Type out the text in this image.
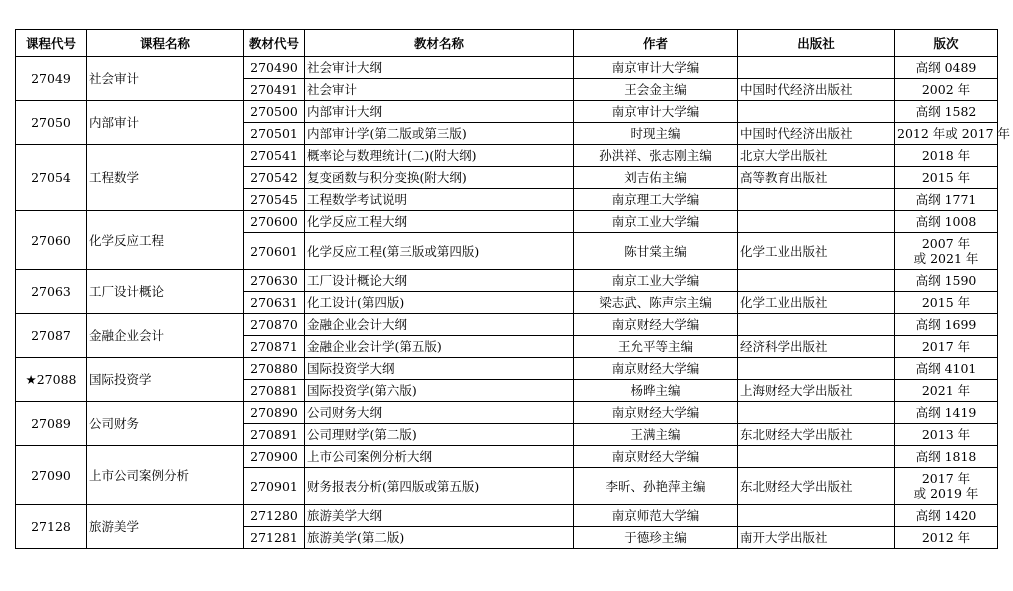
课程代号	课程名称	教材代号	教材名称	作者	出版社	版次
27049	社会审计	270490	社会审计大纲	南京审计大学编		高纲 0489
		270491	社会审计	王会金主编	中国时代经济出版社	2002 年
27050	内部审计	270500	内部审计大纲	南京审计大学编		高纲 1582
		270501	内部审计学(第二版或第三版)	时现主编	中国时代经济出版社	2012 年或 2017 年
27054	工程数学	270541	概率论与数理统计(二)(附大纲)	孙洪祥、张志刚主编	北京大学出版社	2018 年
		270542	复变函数与积分变换(附大纲)	刘吉佑主编	高等教育出版社	2015 年
		270545	工程数学考试说明	南京理工大学编		高纲 1771
27060	化学反应工程	270600	化学反应工程大纲	南京工业大学编		高纲 1008
		270601	化学反应工程(第三版或第四版)	陈甘棠主编	化学工业出版社	2007 年
或 2021 年

27063	工厂设计概论	270630	工厂设计概论大纲	南京工业大学编		高纲 1590
		270631	化工设计(第四版)	梁志武、陈声宗主编	化学工业出版社	2015 年
27087	金融企业会计	270870	金融企业会计大纲	南京财经大学编		高纲 1699
		270871	金融企业会计学(第五版)	王允平等主编	经济科学出版社	2017 年
★27088	国际投资学	270880	国际投资学大纲	南京财经大学编		高纲 4101
		270881	国际投资学(第六版)	杨晔主编	上海财经大学出版社	2021 年
27089	公司财务	270890	公司财务大纲	南京财经大学编		高纲 1419
		270891	公司理财学(第二版)	王满主编	东北财经大学出版社	2013 年
27090	上市公司案例分析	270900	上市公司案例分析大纲	南京财经大学编		高纲 1818
		270901	财务报表分析(第四版或第五版)	李昕、孙艳萍主编	东北财经大学出版社	2017 年
或 2019 年

27128	旅游美学	271280	旅游美学大纲	南京师范大学编		高纲 1420
		271281	旅游美学(第二版)	于德珍主编	南开大学出版社	2012 年
